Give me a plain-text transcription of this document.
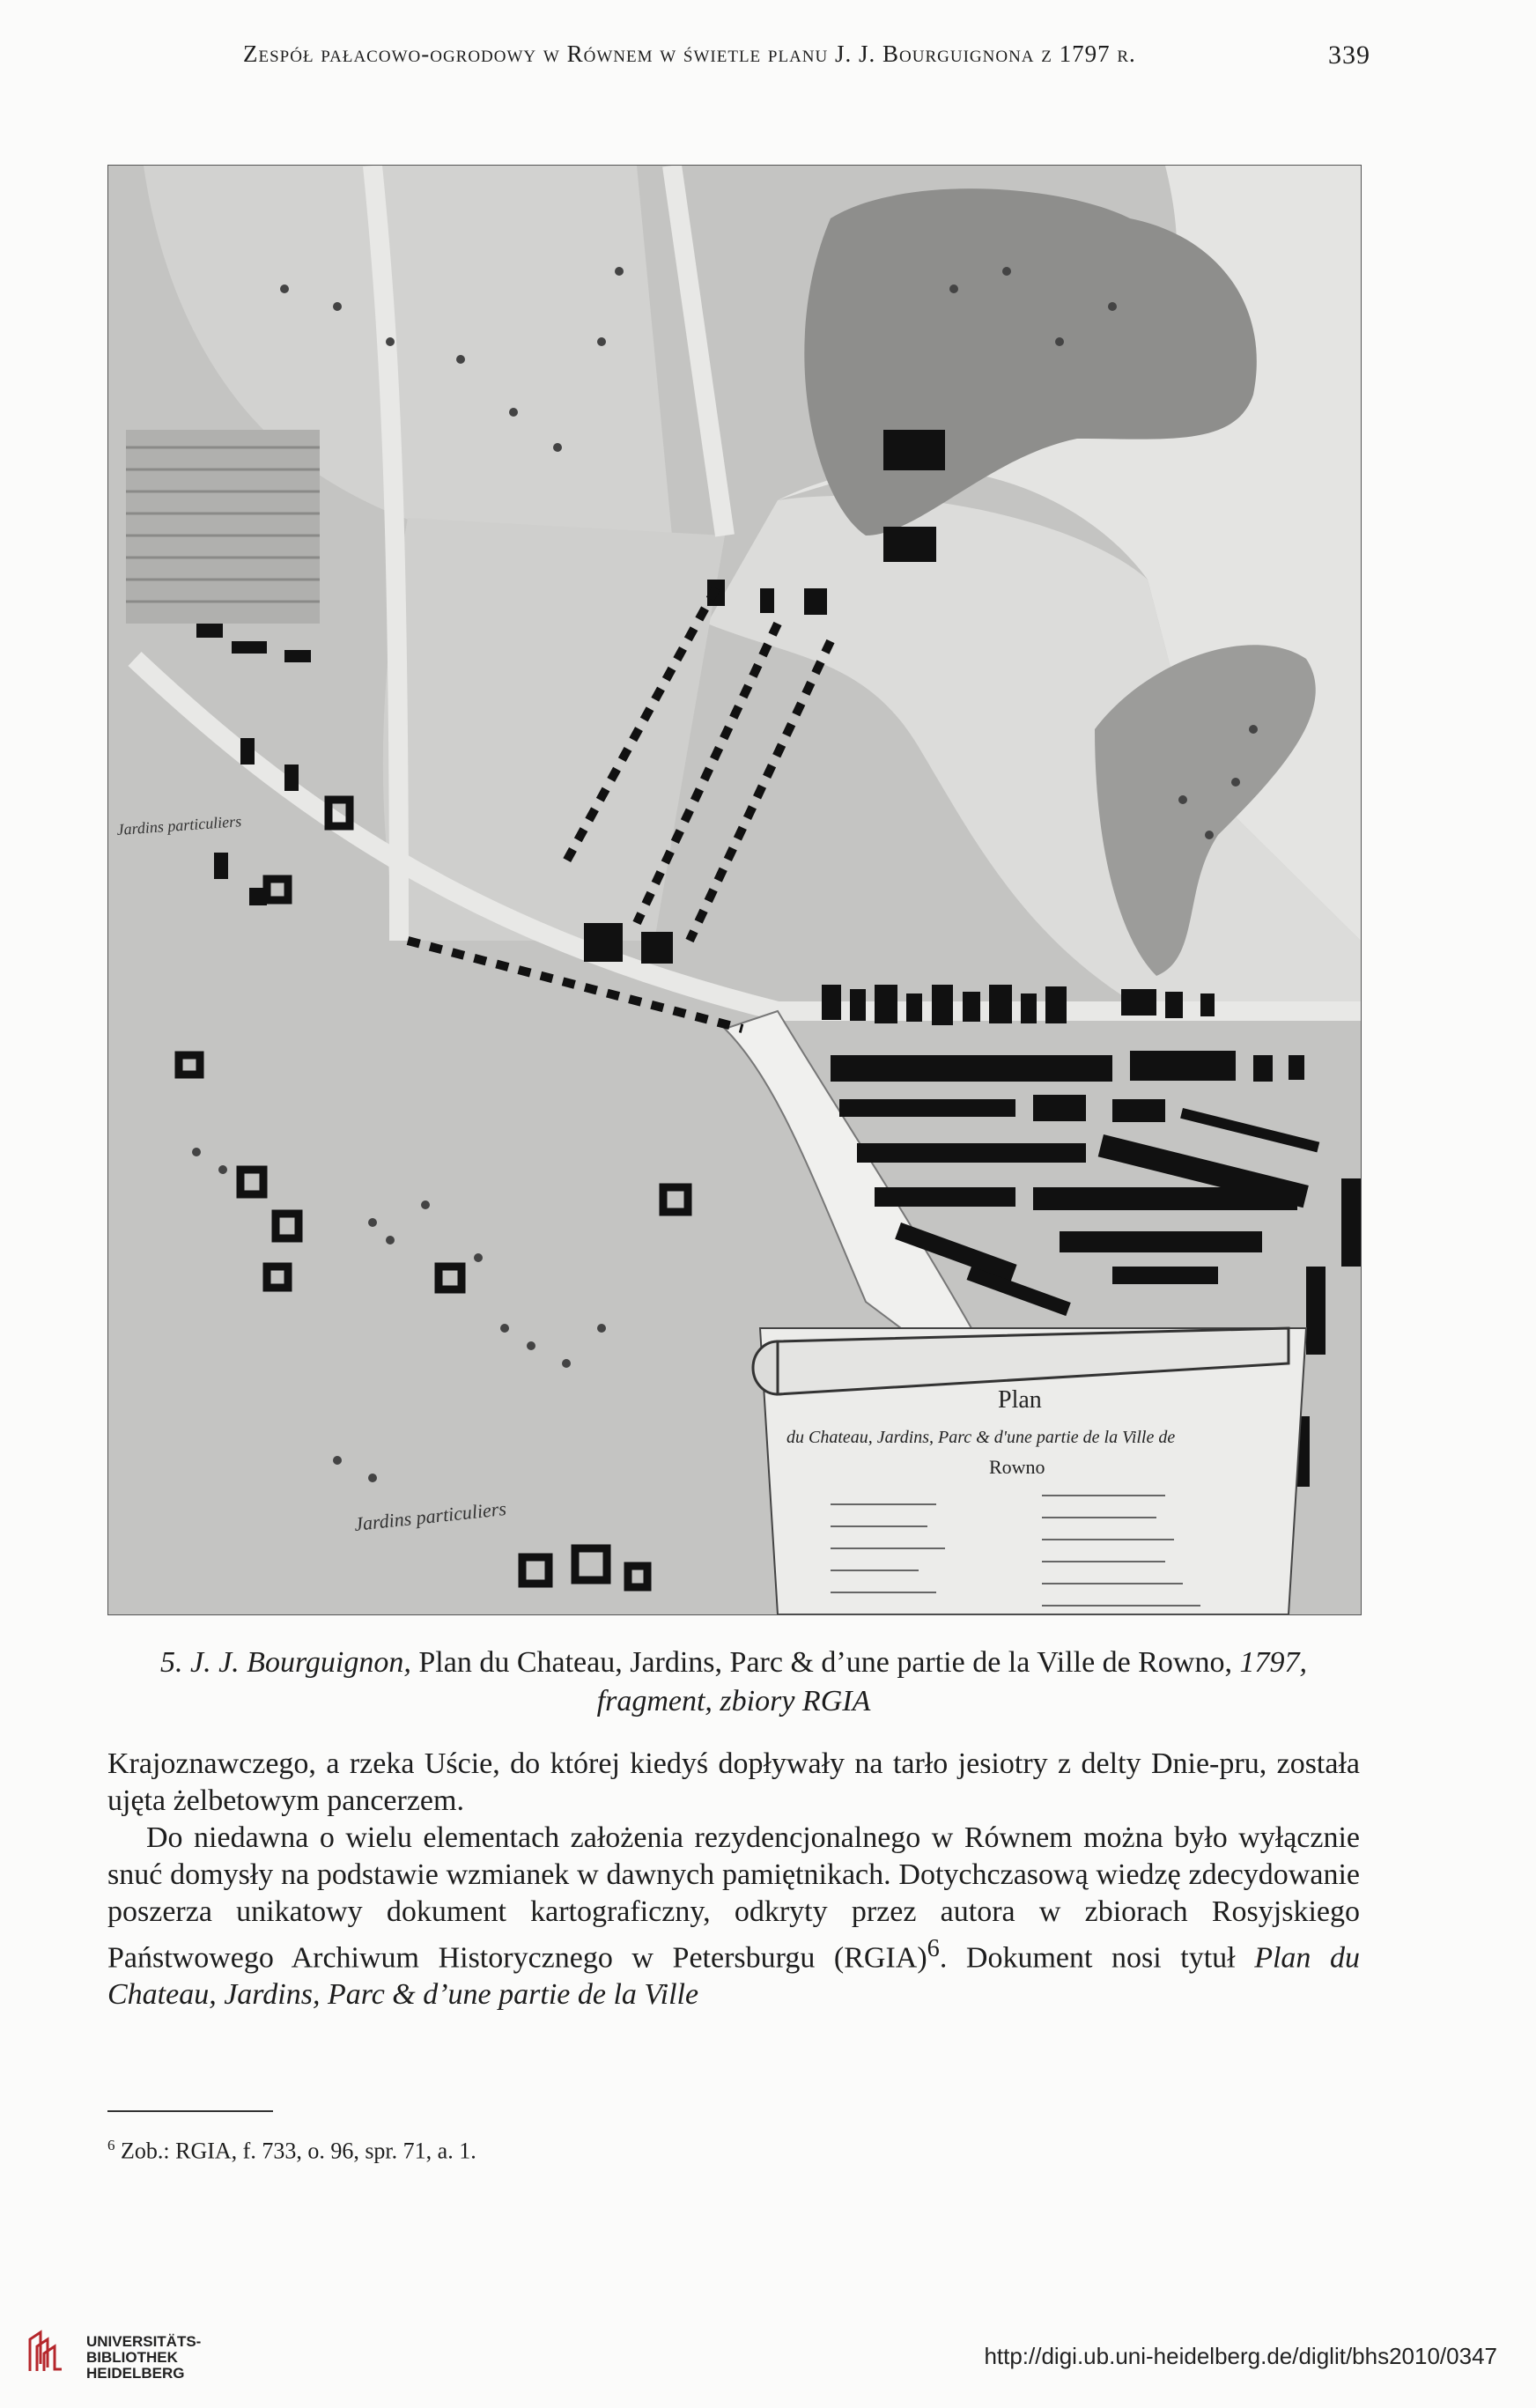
Zespół pałacowo-ogrodowy w Równem w świetle planu J. J. Bourguignona z 1797 r.	339
Plan
du Chateau, Jardins, Parc & d'une partie de la Ville de
Rowno
Jardins particuliers
Jardins particuliers
5. J. J. Bourguignon, Plan du Chateau, Jardins, Parc & d’une partie de la Ville de Rowno, 1797,
fragment, zbiory RGIA

Krajoznawczego, a rzeka Uście, do której kiedyś dopływały na tarło jesiotry z delty Dnie-pru, została ujęta żelbetowym pancerzem.

Do niedawna o wielu elementach założenia rezydencjonalnego w Równem można było wyłącznie snuć domysły na podstawie wzmianek w dawnych pamiętnikach. Dotychczasową wiedzę zdecydowanie poszerza unikatowy dokument kartograficzny, odkryty przez autora w zbiorach Rosyjskiego Państwowego Archiwum Historycznego w Petersburgu (RGIA)$^6$. Dokument nosi tytuł Plan du Chateau, Jardins, Parc & d’une partie de la Ville

$^6$ Zob.: RGIA, f. 733, o. 96, spr. 71, a. 1.
UNIVERSITÄTS-
BIBLIOTHEK
HEIDELBERG
http://digi.ub.uni-heidelberg.de/diglit/bhs2010/0347
